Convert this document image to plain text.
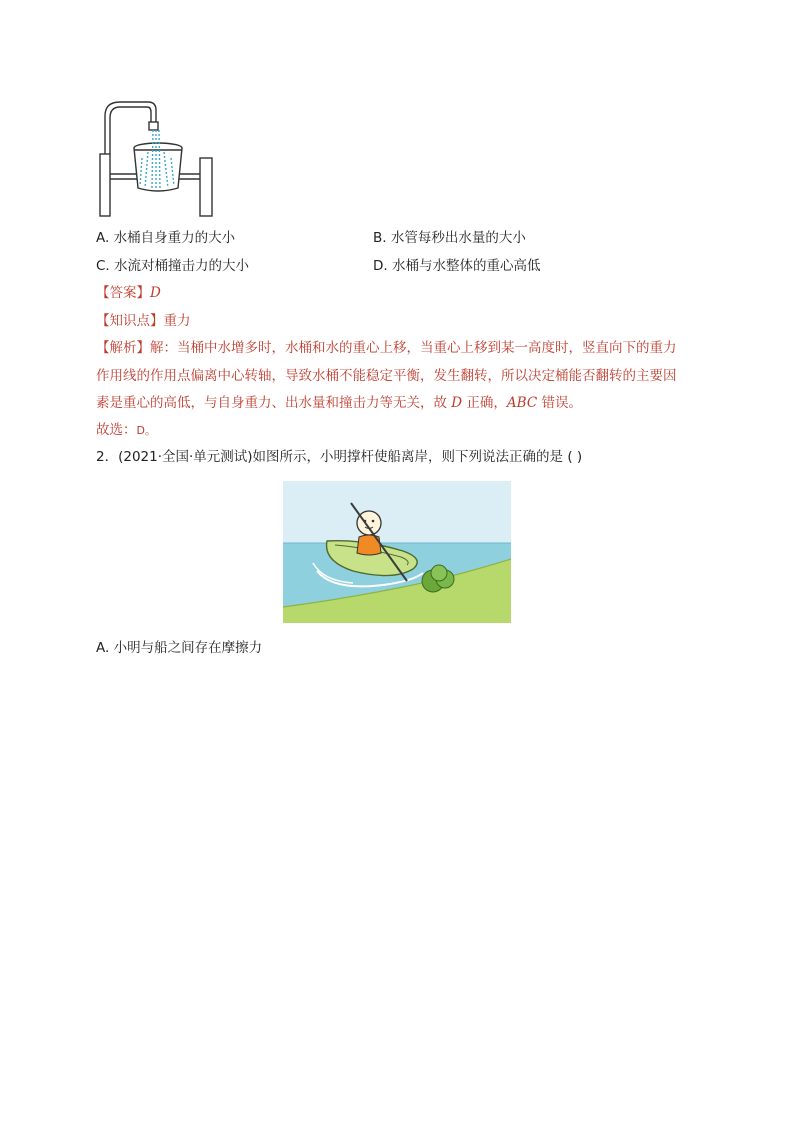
A. 水桶自身重力的大小	B. 水管每秒出水量的大小
C. 水流对桶撞击力的大小	D. 水桶与水整体的重心高低
【答案】D
【知识点】重力
【解析】解：当桶中水增多时，水桶和水的重心上移，当重心上移到某一高度时，竖直向下的重力
作用线的作用点偏离中心转轴，导致水桶不能稳定平衡，发生翻转，所以决定桶能否翻转的主要因
素是重心的高低，与自身重力、出水量和撞击力等无关，故 D 正确，ABC 错误。
故选：D。
2．(2021·全国·单元测试)如图所示，小明撑杆使船离岸，则下列说法正确的是 ( )
A. 小明与船之间存在摩擦力
